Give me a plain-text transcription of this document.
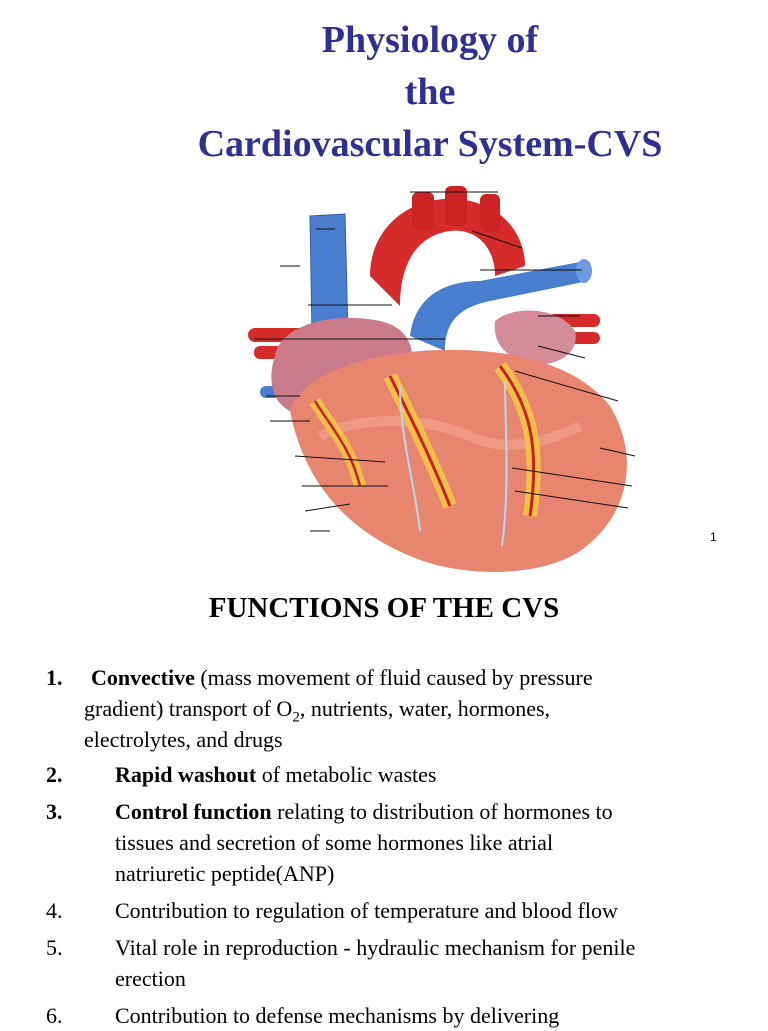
Physiology of
the
Cardiovascular System-CVS
1
FUNCTIONS OF THE CVS
1. Convective (mass movement of fluid caused by pressure
gradient) transport of $O_2$, nutrients, water, hormones,
electrolytes, and drugs
2. Rapid washout of metabolic wastes
3. Control function relating to distribution of hormones to
tissues and secretion of some hormones like atrial
natriuretic peptide(ANP)
4. Contribution to regulation of temperature and blood flow
5. Vital role in reproduction - hydraulic mechanism for penile
erection
6. Contribution to defense mechanisms by delivering
